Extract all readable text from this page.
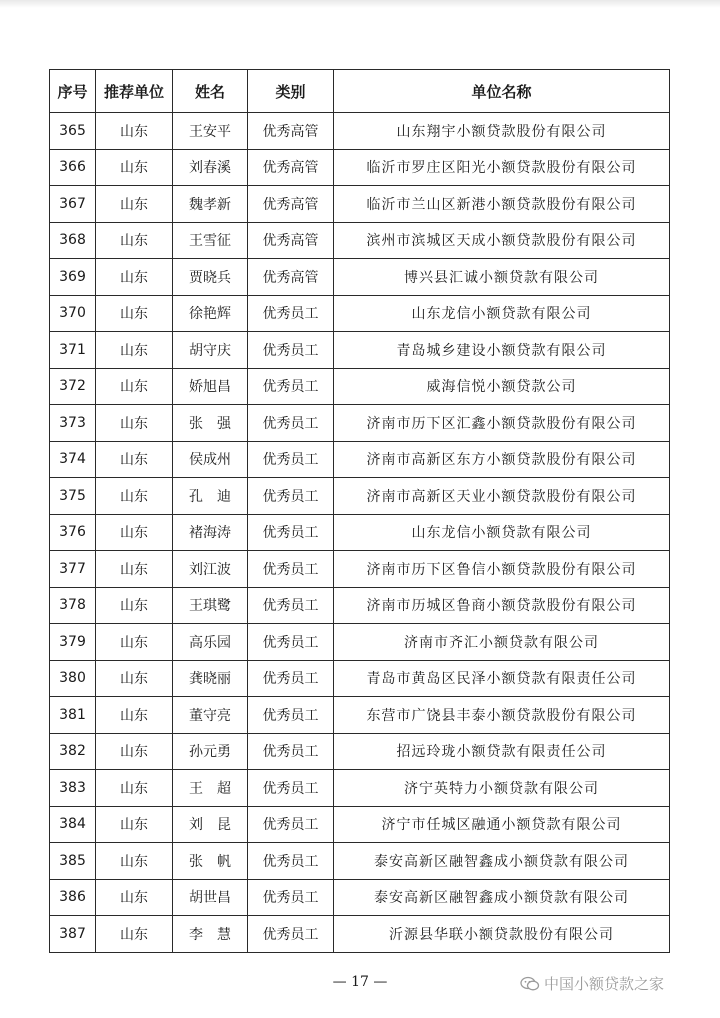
序号	推荐单位	姓名	类别	单位名称
365	山东	王安平	优秀高管	山东翔宇小额贷款股份有限公司
366	山东	刘春溪	优秀高管	临沂市罗庄区阳光小额贷款股份有限公司
367	山东	魏孝新	优秀高管	临沂市兰山区新港小额贷款股份有限公司
368	山东	王雪征	优秀高管	滨州市滨城区天成小额贷款股份有限公司
369	山东	贾晓兵	优秀高管	博兴县汇诚小额贷款有限公司
370	山东	徐艳辉	优秀员工	山东龙信小额贷款有限公司
371	山东	胡守庆	优秀员工	青岛城乡建设小额贷款有限公司
372	山东	娇旭昌	优秀员工	威海信悦小额贷款公司
373	山东	张　强	优秀员工	济南市历下区汇鑫小额贷款股份有限公司
374	山东	侯成州	优秀员工	济南市高新区东方小额贷款股份有限公司
375	山东	孔　迪	优秀员工	济南市高新区天业小额贷款股份有限公司
376	山东	褚海涛	优秀员工	山东龙信小额贷款有限公司
377	山东	刘江波	优秀员工	济南市历下区鲁信小额贷款股份有限公司
378	山东	王琪鹭	优秀员工	济南市历城区鲁商小额贷款股份有限公司
379	山东	高乐园	优秀员工	济南市齐汇小额贷款有限公司
380	山东	龚晓丽	优秀员工	青岛市黄岛区民泽小额贷款有限责任公司
381	山东	董守亮	优秀员工	东营市广饶县丰泰小额贷款股份有限公司
382	山东	孙元勇	优秀员工	招远玲珑小额贷款有限责任公司
383	山东	王　超	优秀员工	济宁英特力小额贷款有限公司
384	山东	刘　昆	优秀员工	济宁市任城区融通小额贷款有限公司
385	山东	张　帆	优秀员工	泰安高新区融智鑫成小额贷款有限公司
386	山东	胡世昌	优秀员工	泰安高新区融智鑫成小额贷款有限公司
387	山东	李　慧	优秀员工	沂源县华联小额贷款股份有限公司
— 17 —	中国小额贷款之家
